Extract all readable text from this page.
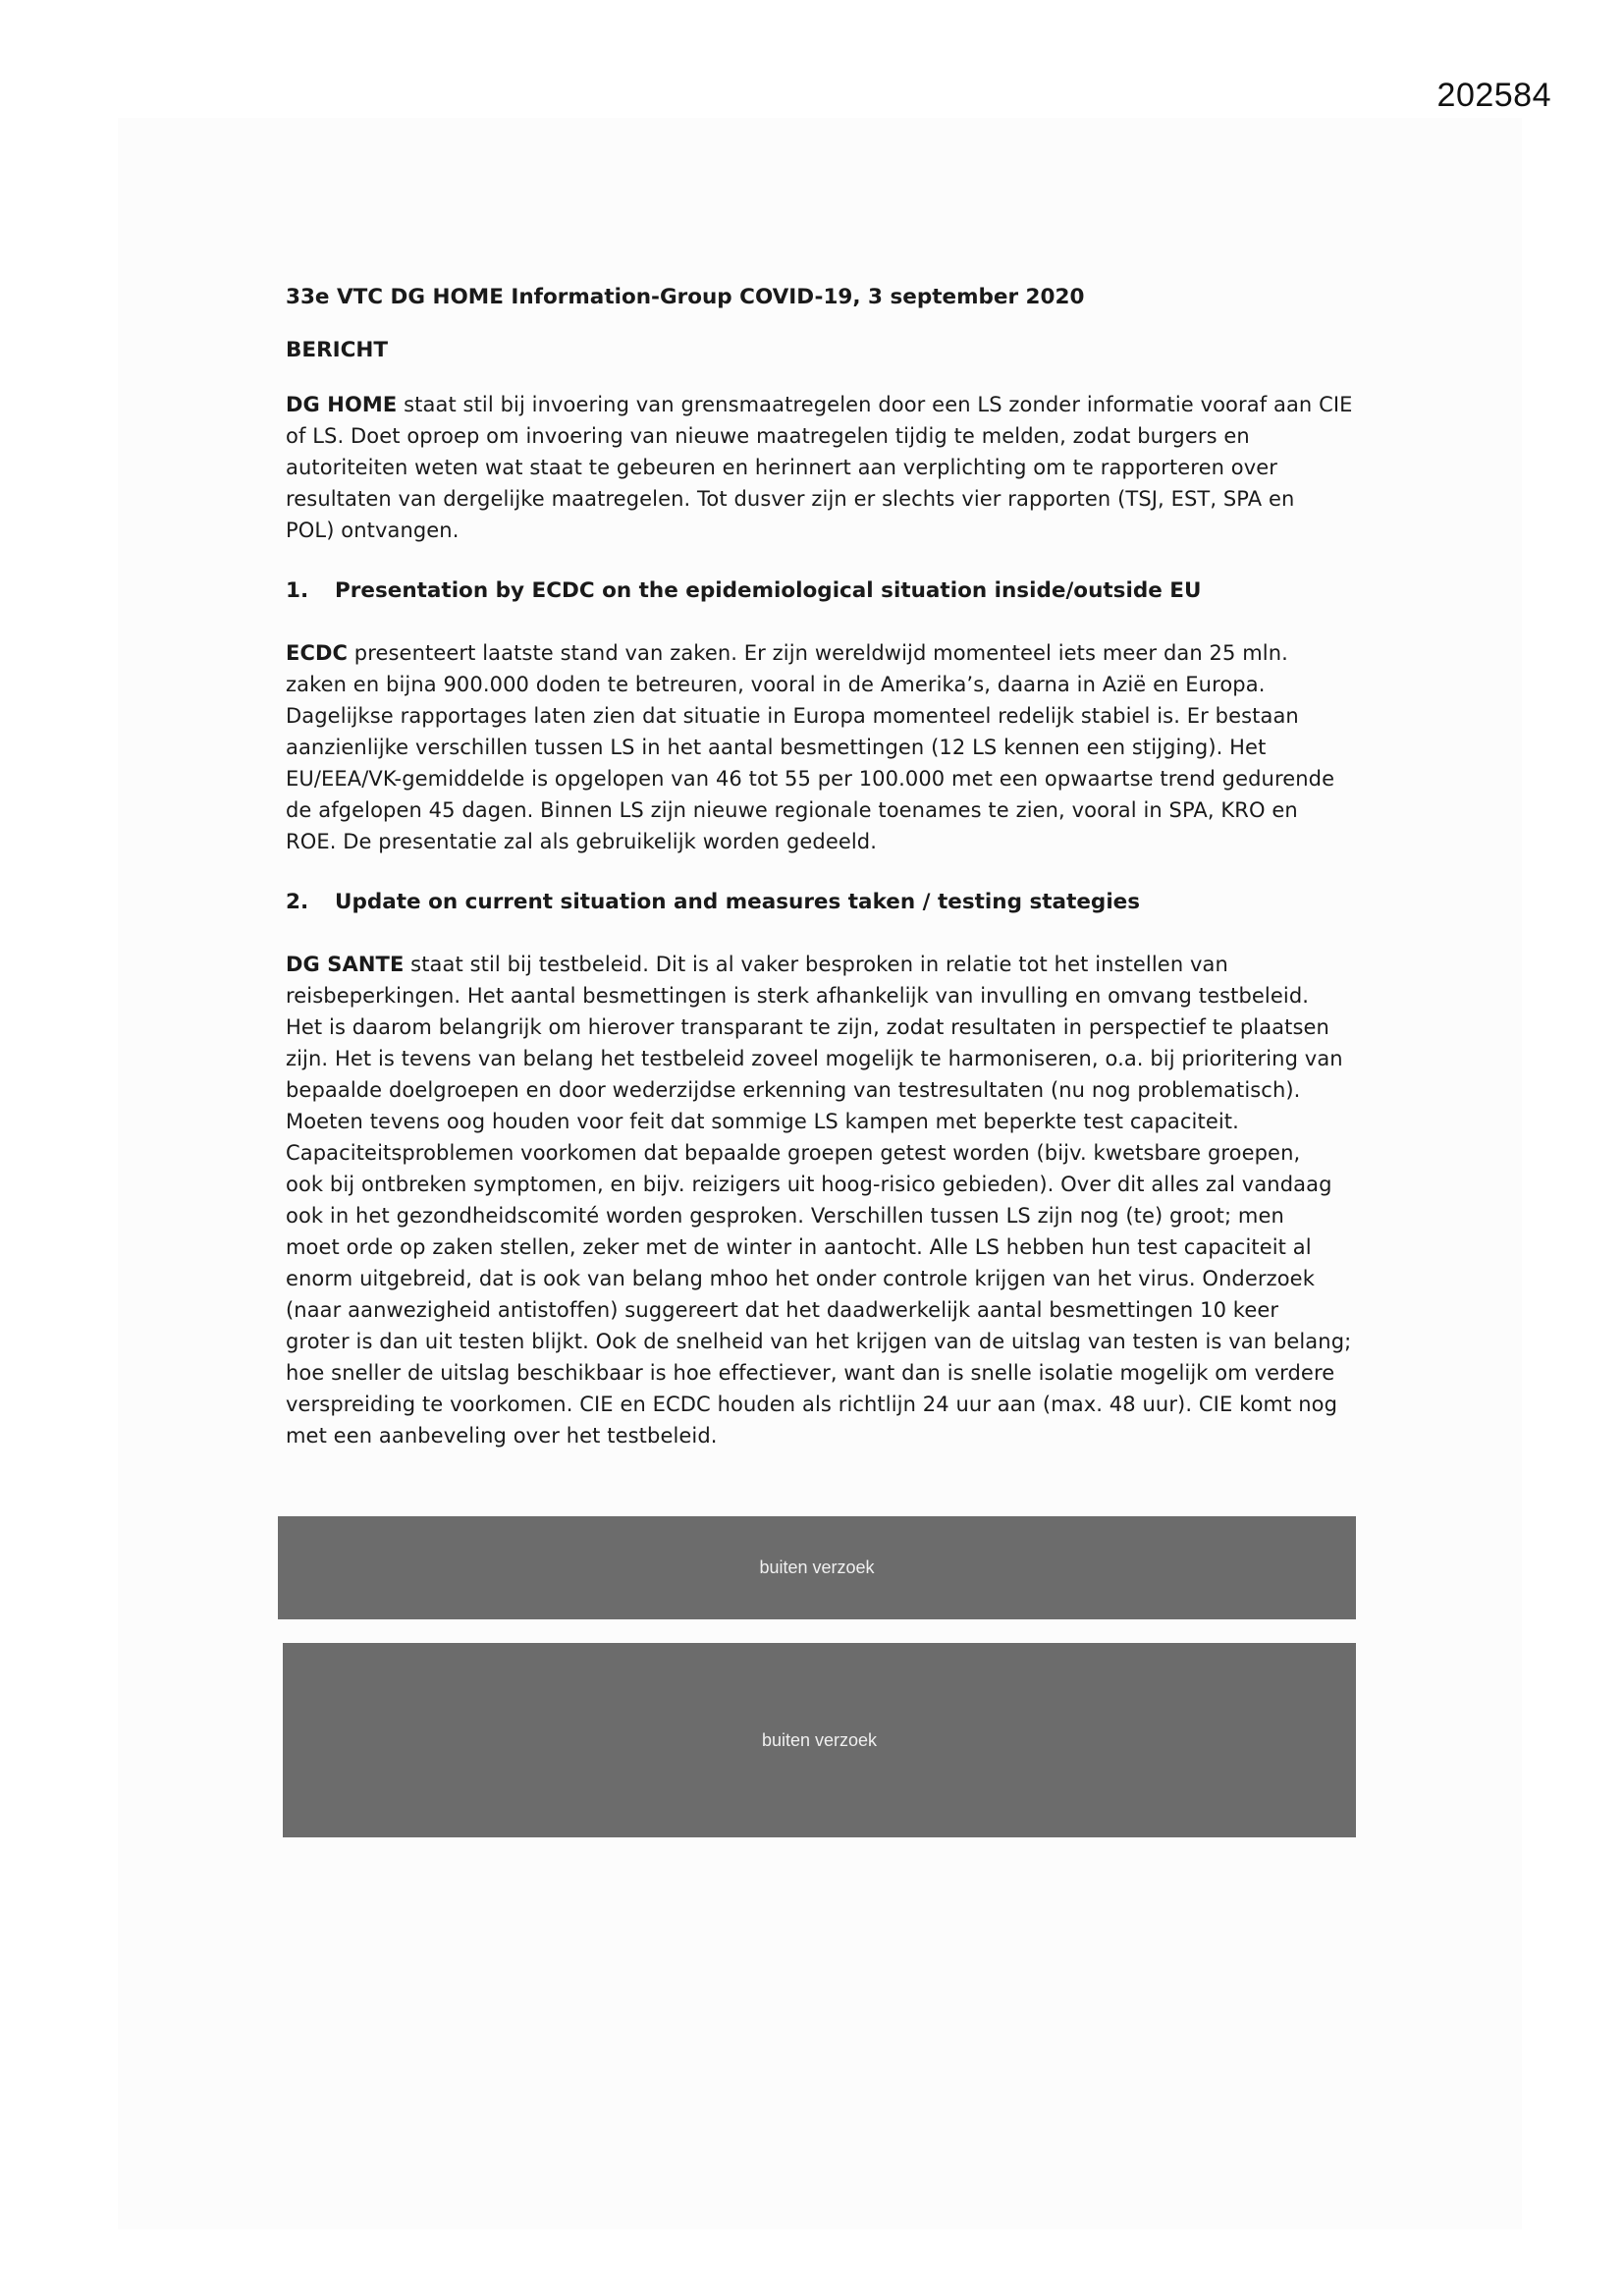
202584
33e VTC DG HOME Information-Group COVID-19, 3 september 2020
BERICHT

DG HOME staat stil bij invoering van grensmaatregelen door een LS zonder informatie vooraf aan CIE

of LS. Doet oproep om invoering van nieuwe maatregelen tijdig te melden, zodat burgers en

autoriteiten weten wat staat te gebeuren en herinnert aan verplichting om te rapporteren over

resultaten van dergelijke maatregelen. Tot dusver zijn er slechts vier rapporten (TSJ, EST, SPA en

POL) ontvangen.

1. Presentation by ECDC on the epidemiological situation inside/outside EU

ECDC presenteert laatste stand van zaken. Er zijn wereldwijd momenteel iets meer dan 25 mln.

zaken en bijna 900.000 doden te betreuren, vooral in de Amerika’s, daarna in Azië en Europa.

Dagelijkse rapportages laten zien dat situatie in Europa momenteel redelijk stabiel is. Er bestaan

aanzienlijke verschillen tussen LS in het aantal besmettingen (12 LS kennen een stijging). Het

EU/EEA/VK-gemiddelde is opgelopen van 46 tot 55 per 100.000 met een opwaartse trend gedurende

de afgelopen 45 dagen. Binnen LS zijn nieuwe regionale toenames te zien, vooral in SPA, KRO en

ROE. De presentatie zal als gebruikelijk worden gedeeld.

2. Update on current situation and measures taken / testing stategies

DG SANTE staat stil bij testbeleid. Dit is al vaker besproken in relatie tot het instellen van

reisbeperkingen. Het aantal besmettingen is sterk afhankelijk van invulling en omvang testbeleid.

Het is daarom belangrijk om hierover transparant te zijn, zodat resultaten in perspectief te plaatsen

zijn. Het is tevens van belang het testbeleid zoveel mogelijk te harmoniseren, o.a. bij prioritering van

bepaalde doelgroepen en door wederzijdse erkenning van testresultaten (nu nog problematisch).

Moeten tevens oog houden voor feit dat sommige LS kampen met beperkte test capaciteit.

Capaciteitsproblemen voorkomen dat bepaalde groepen getest worden (bijv. kwetsbare groepen,

ook bij ontbreken symptomen, en bijv. reizigers uit hoog-risico gebieden). Over dit alles zal vandaag

ook in het gezondheidscomité worden gesproken. Verschillen tussen LS zijn nog (te) groot; men

moet orde op zaken stellen, zeker met de winter in aantocht. Alle LS hebben hun test capaciteit al

enorm uitgebreid, dat is ook van belang mhoo het onder controle krijgen van het virus. Onderzoek

(naar aanwezigheid antistoffen) suggereert dat het daadwerkelijk aantal besmettingen 10 keer

groter is dan uit testen blijkt. Ook de snelheid van het krijgen van de uitslag van testen is van belang;

hoe sneller de uitslag beschikbaar is hoe effectiever, want dan is snelle isolatie mogelijk om verdere

verspreiding te voorkomen. CIE en ECDC houden als richtlijn 24 uur aan (max. 48 uur). CIE komt nog

met een aanbeveling over het testbeleid.

buiten verzoek
buiten verzoek
